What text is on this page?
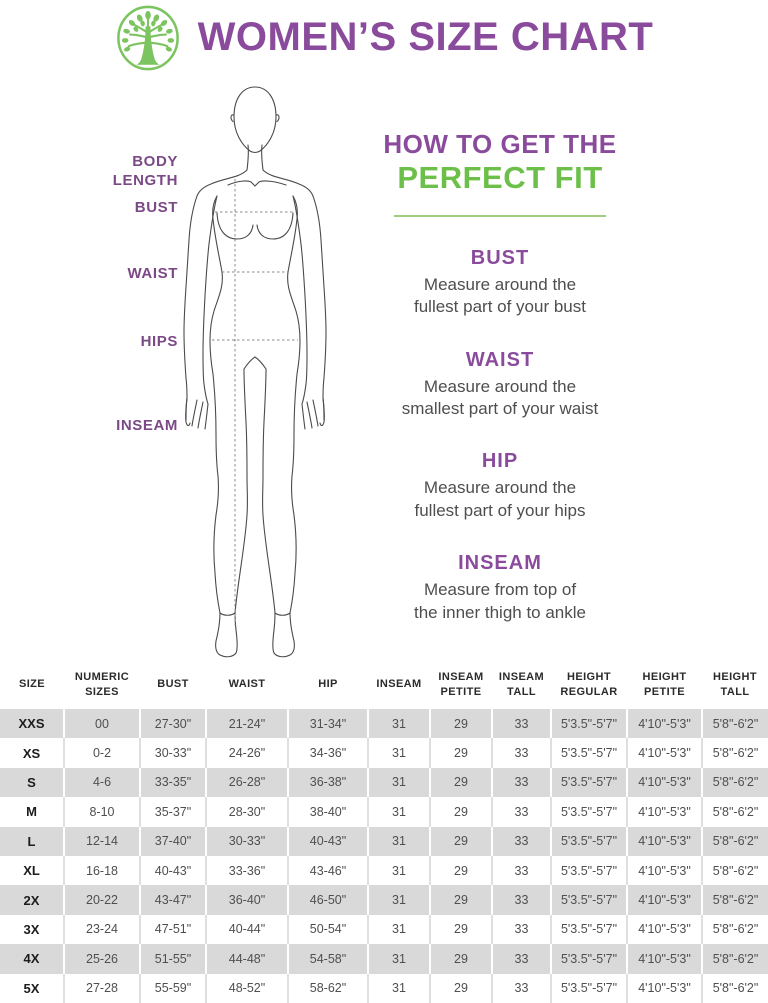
WOMEN’S SIZE CHART
BODY LENGTH
BUST
WAIST
HIPS
INSEAM
HOW TO GET THE
PERFECT FIT
BUST
Measure around the
fullest part of your bust
WAIST
Measure around the
smallest part of your waist
HIP
Measure around the
fullest part of your hips
INSEAM
Measure from top of
the inner thigh to ankle
SIZE	NUMERIC SIZES	BUST	WAIST	HIP	INSEAM	INSEAM PETITE	INSEAM TALL	HEIGHT REGULAR	HEIGHT PETITE	HEIGHT TALL
XXS	00	27-30"	21-24"	31-34"	31	29	33	5'3.5"-5'7"	4'10"-5'3"	5'8"-6'2"
XS	0-2	30-33"	24-26"	34-36"	31	29	33	5'3.5"-5'7"	4'10"-5'3"	5'8"-6'2"
S	4-6	33-35"	26-28"	36-38"	31	29	33	5'3.5"-5'7"	4'10"-5'3"	5'8"-6'2"
M	8-10	35-37"	28-30"	38-40"	31	29	33	5'3.5"-5'7"	4'10"-5'3"	5'8"-6'2"
L	12-14	37-40"	30-33"	40-43"	31	29	33	5'3.5"-5'7"	4'10"-5'3"	5'8"-6'2"
XL	16-18	40-43"	33-36"	43-46"	31	29	33	5'3.5"-5'7"	4'10"-5'3"	5'8"-6'2"
2X	20-22	43-47"	36-40"	46-50"	31	29	33	5'3.5"-5'7"	4'10"-5'3"	5'8"-6'2"
3X	23-24	47-51"	40-44"	50-54"	31	29	33	5'3.5"-5'7"	4'10"-5'3"	5'8"-6'2"
4X	25-26	51-55"	44-48"	54-58"	31	29	33	5'3.5"-5'7"	4'10"-5'3"	5'8"-6'2"
5X	27-28	55-59"	48-52"	58-62"	31	29	33	5'3.5"-5'7"	4'10"-5'3"	5'8"-6'2"
